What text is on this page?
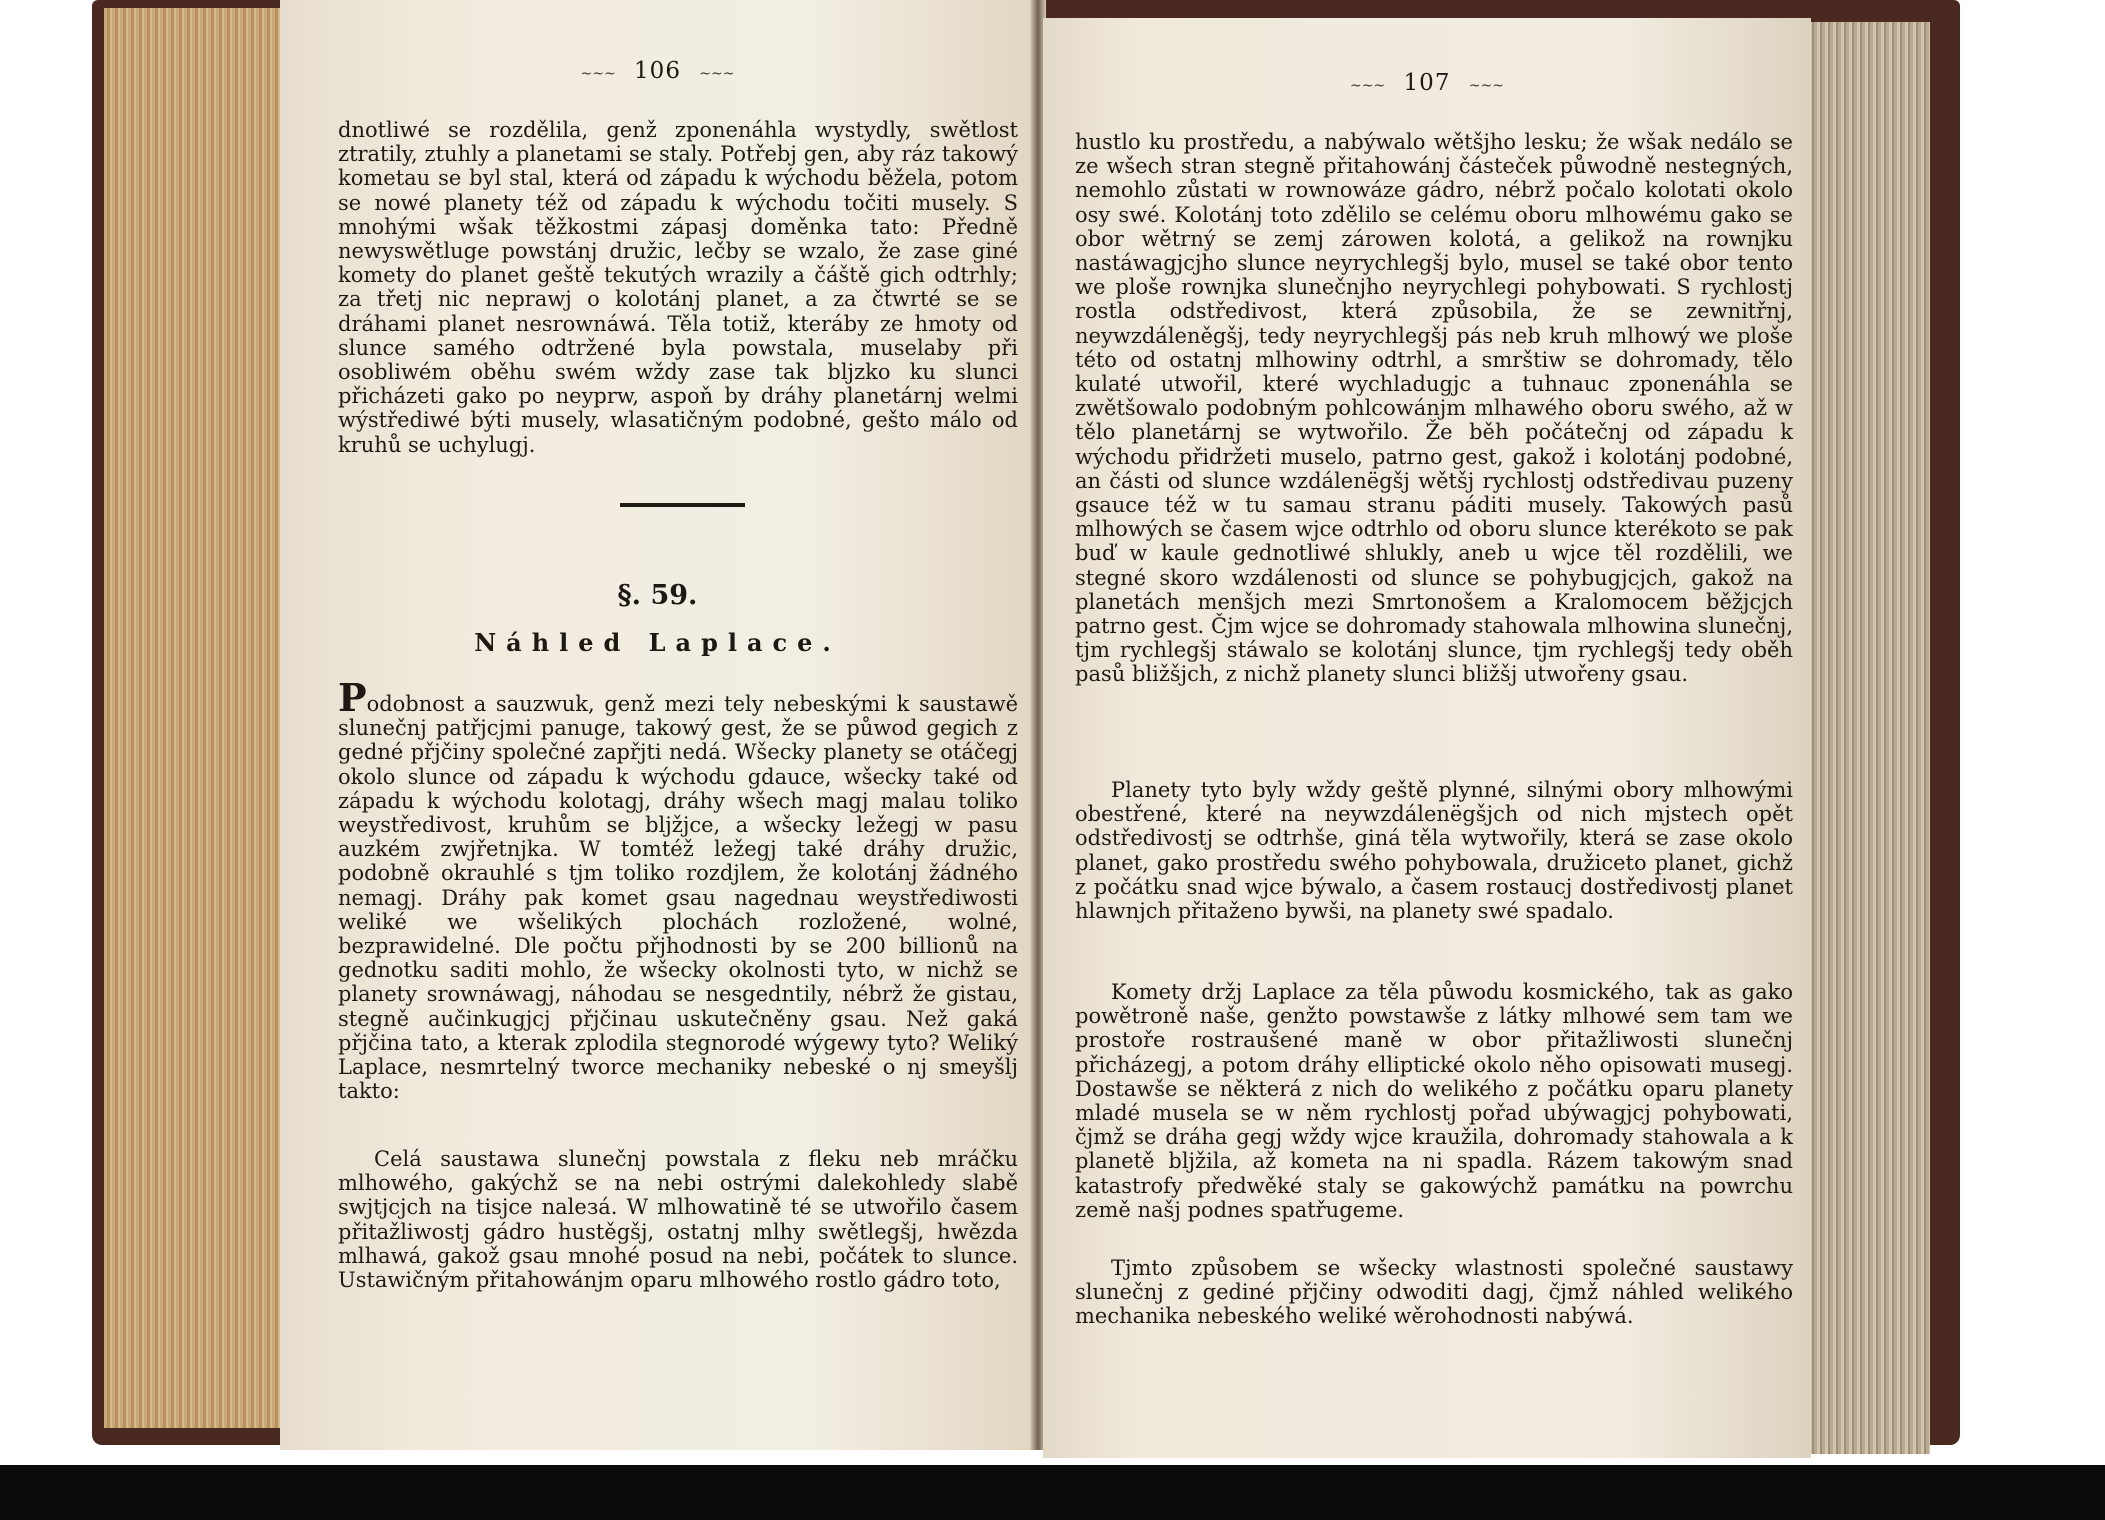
~~~ 106 ~~~

dnotliwé se rozdělila, genž zponenáhla wystydly, swětlost ztratily, ztuhly a planetami se staly. Potřebj gen, aby ráz takowý kometau se byl stal, která od západu k wýchodu běžela, potom se nowé planety též od západu k wýchodu točiti musely. S mnohými wšak těžkostmi zápasj doměnka tato: Předně newyswětluge powstánj družic, lečby se wzalo, že zase giné komety do planet geště tekutých wrazily a čáště gich odtrhly; za třetj nic neprawj o kolotánj planet, a za čtwrté se se dráhami planet nesrownáwá. Těla totiž, kteráby ze hmoty od slunce samého odtržené byla powstala, muselaby při osobliwém oběhu swém wždy zase tak bljzko ku slunci přicházeti gako po neyprw, aspoň by dráhy planetárnj welmi wýstřediwé býti musely, wlasatičným podobné, gešto málo od kruhů se uchylugj.

§. 59.
Náhled Laplace.

Podobnost a sauzwuk, genž mezi tely nebeskými k saustawě slunečnj patřjcjmi panuge, takowý gest, že se půwod gegich z gedné přjčiny společné zapřjti nedá. Wšecky planety se otáčegj okolo slunce od západu k wýchodu gdauce, wšecky také od západu k wýchodu kolotagj, dráhy wšech magj malau toliko weystředivost, kruhům se bljžjce, a wšecky ležegj w pasu auzkém zwjřetnjka. W tomtéž ležegj také dráhy družic, podobně okrauhlé s tjm toliko rozdjlem, že kolotánj žádného nemagj. Dráhy pak komet gsau nagednau weystřediwosti weliké we wšelikých plochách rozložené, wolné, bezprawidelné. Dle počtu přjhodnosti by se 200 billionů na gednotku saditi mohlo, že wšecky okolnosti tyto, w nichž se planety srownáwagj, náhodau se nesgedntily, nébrž že gistau, stegně aučinkugjcj přjčinau uskutečněny gsau. Než gaká přjčina tato, a kterak zplodila stegnorodé wýgewy tyto? Weliký Laplace, nesmrtelný tworce mechaniky nebeské o nj smeyšlj takto:

Celá saustawa slunečnj powstala z fleku neb mráčku mlhowého, gakýchž se na nebi ostrými dalekohledy slabě swjtjcjch na tisjce naleзá. W mlhowatině té se utwořilo časem přitažliwostj gádro hustěgšj, ostatnj mlhy swětlegšj, hwězda mlhawá, gakož gsau mnohé posud na nebi, počátek to slunce. Ustawičným přitahowánjm oparu mlhowého rostlo gádro toto,

~~~ 107 ~~~

hustlo ku prostředu, a nabýwalo wětšjho lesku; že wšak nedálo se ze wšech stran stegně přitahowánj částeček půwodně nestegných, nemohlo zůstati w rownowáze gádro, nébrž počalo kolotati okolo osy swé. Kolotánj toto zdělilo se celému oboru mlhowému gako se obor wětrný se zemj zárowen kolotá, a gelikož na rownjku nastáwagjcjho slunce neyrychlegšj bylo, musel se také obor tento we ploše rownjka slunečnjho neyrychlegi pohybowati. S rychlostj rostla odstředivost, která způsobila, že se zewnitřnj, neywzdáleněgšj, tedy neyrychlegšj pás neb kruh mlhowý we ploše této od ostatnj mlhowiny odtrhl, a smrštiw se dohromady, tělo kulaté utwořil, které wychladugjc a tuhnauc zponenáhla se zwětšowalo podobným pohlcowánjm mlhawého oboru swého, až w tělo planetárnj se wytwořilo. Že běh počátečnj od západu k wýchodu přidržeti muselo, patrno gest, gakož i kolotánj podobné, an části od slunce wzdálenëgšj wětšj rychlostj odstředivau puzeny gsauce též w tu samau stranu páditi musely. Takowých pasů mlhowých se časem wjce odtrhlo od oboru slunce kterékoto se pak buď w kaule gednotliwé shlukly, aneb u wjce těl rozdělili, we stegné skoro wzdálenosti od slunce se pohybugjcjch, gakož na planetách menšjch mezi Smrtonošem a Kralomocem běžjcjch patrno gest. Čjm wjce se dohromady stahowala mlhowina slunečnj, tjm rychlegšj stáwalo se kolotánj slunce, tjm rychlegšj tedy oběh pasů bližšjch, z nichž planety slunci bližšj utwořeny gsau.

Planety tyto byly wždy geště plynné, silnými obory mlhowými obestřené, které na neywzdálenëgšjch od nich mjstech opět odstředivostj se odtrhše, giná těla wytwořily, která se zase okolo planet, gako prostředu swého pohybowala, družiceto planet, gichž z počátku snad wjce býwalo, a časem rostaucj dostředivostj planet hlawnjch přitaženo bywši, na planety swé spadalo.

Komety držj Laplace za těla půwodu kosmického, tak as gako powětroně naše, genžto powstawše z látky mlhowé sem tam we prostoře rostraušené maně w obor přitažliwosti slunečnj přicházegj, a potom dráhy elliptické okolo něho opisowati musegj. Dostawše se některá z nich do welikého z počátku oparu planety mladé musela se w něm rychlostj pořad ubýwagjcj pohybowati, čjmž se dráha gegj wždy wjce kraužila, dohromady stahowala a k planetě bljžila, až kometa na ni spadla. Rázem takowým snad katastrofy předwěké staly se gakowýchž památku na powrchu země našj podnes spatřugeme.

Tjmto způsobem se wšecky wlastnosti společné saustawy slunečnj z gediné přjčiny odwoditi dagj, čjmž náhled welikého mechanika nebeského weliké wěrohodnosti nabýwá.
